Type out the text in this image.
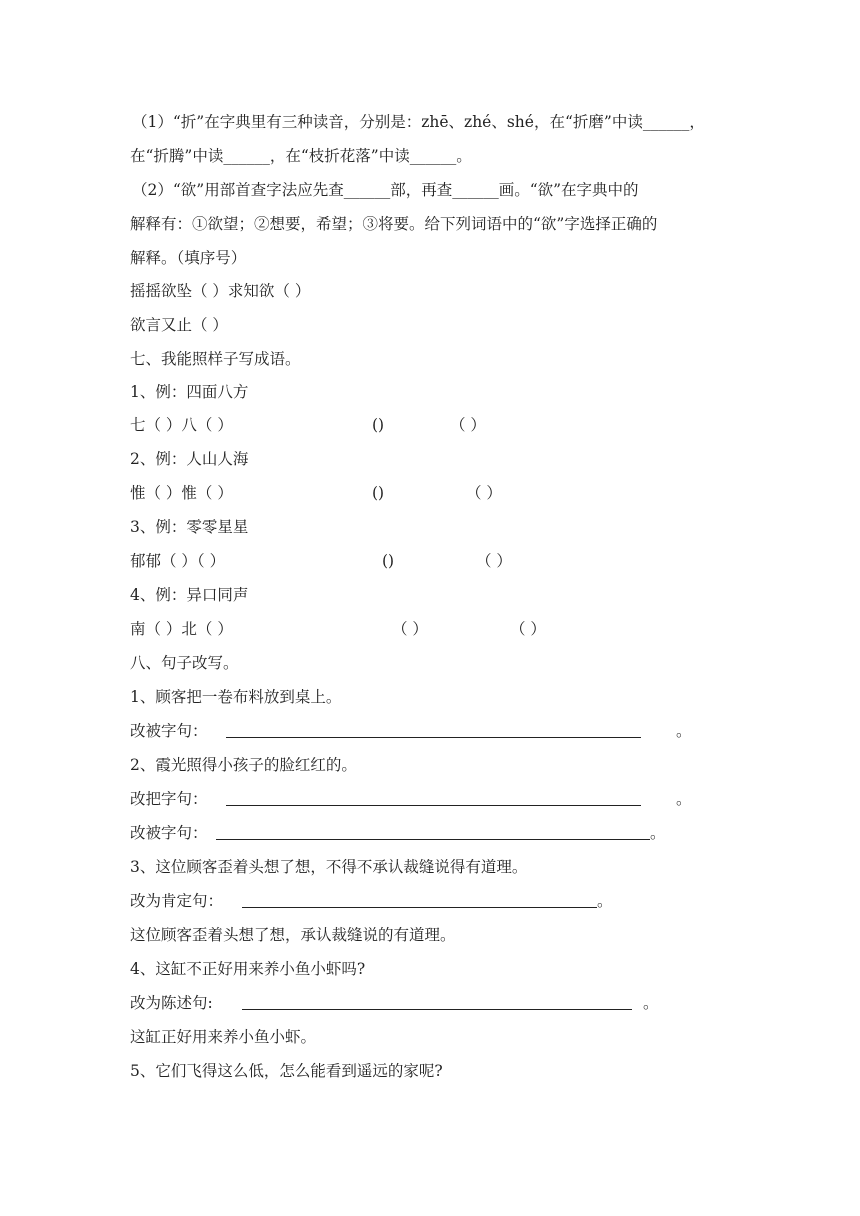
（1）“折”在字典里有三种读音，分别是：zhē、zhé、shé，在“折磨”中读______，
在“折腾”中读______，在“枝折花落”中读______。
（2）“欲”用部首查字法应先查______部，再查______画。“欲”在字典中的
解释有：①欲望；②想要，希望；③将要。给下列词语中的“欲”字选择正确的
解释。（填序号）
摇摇欲坠（ ）求知欲（ ）
欲言又止（ ）
七、我能照样子写成语。
1、例：四面八方
七（ ）八（ ）	()	（ ）
2、例：人山人海
惟（ ）惟（ ）	()	（ ）
3、例：零零星星
郁郁（ ）（ ）	()	（ ）
4、例：异口同声
南（ ）北（ ）	（ ）	（ ）
八、句子改写。
1、顾客把一卷布料放到桌上。
改被字句：	。
2、霞光照得小孩子的脸红红的。
改把字句：	。
改被字句：	。
3、这位顾客歪着头想了想，不得不承认裁缝说得有道理。
改为肯定句：	。
这位顾客歪着头想了想，承认裁缝说的有道理。
4、这缸不正好用来养小鱼小虾吗?
改为陈述句:	。
这缸正好用来养小鱼小虾。
5、它们飞得这么低，怎么能看到遥远的家呢?
